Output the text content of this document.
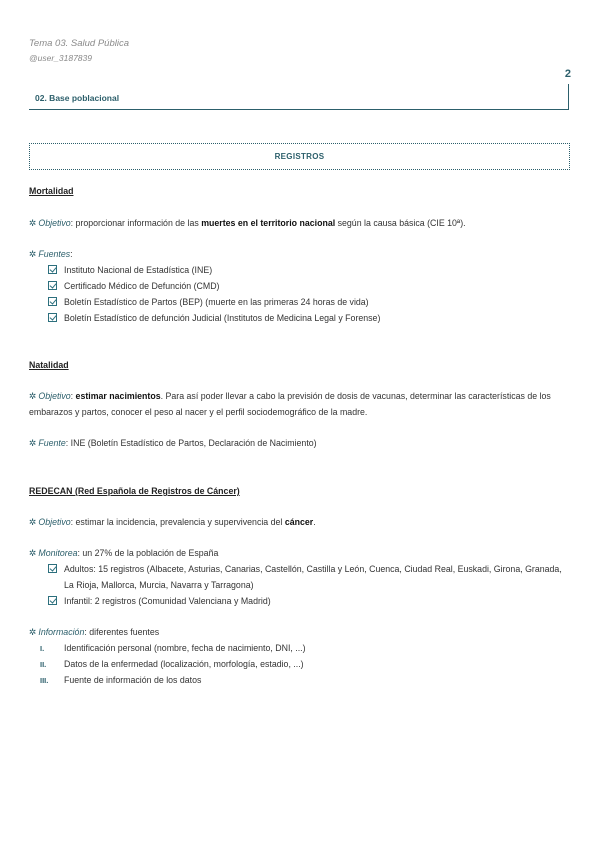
Tema 03. Salud Pública
@user_3187839
2
02. Base poblacional
REGISTROS
Mortalidad
✲ Objetivo: proporcionar información de las muertes en el territorio nacional según la causa básica (CIE 10ª).
✲ Fuentes:
Instituto Nacional de Estadística (INE)
Certificado Médico de Defunción (CMD)
Boletín Estadístico de Partos (BEP) (muerte en las primeras 24 horas de vida)
Boletín Estadístico de defunción Judicial (Institutos de Medicina Legal y Forense)
Natalidad
✲ Objetivo: estimar nacimientos. Para así poder llevar a cabo la previsión de dosis de vacunas, determinar las características de los embarazos y partos, conocer el peso al nacer y el perfil sociodemográfico de la madre.
✲ Fuente: INE (Boletín Estadístico de Partos, Declaración de Nacimiento)
REDECAN (Red Española de Registros de Cáncer)
✲ Objetivo: estimar la incidencia, prevalencia y supervivencia del cáncer.
✲ Monitorea: un 27% de la población de España
Adultos: 15 registros (Albacete, Asturias, Canarias, Castellón, Castilla y León, Cuenca, Ciudad Real, Euskadi, Girona, Granada, La Rioja, Mallorca, Murcia, Navarra y Tarragona)
Infantil: 2 registros (Comunidad Valenciana y Madrid)
✲ Información: diferentes fuentes
I. Identificación personal (nombre, fecha de nacimiento, DNI, ...)
II. Datos de la enfermedad (localización, morfología, estadio, ...)
III. Fuente de información de los datos
